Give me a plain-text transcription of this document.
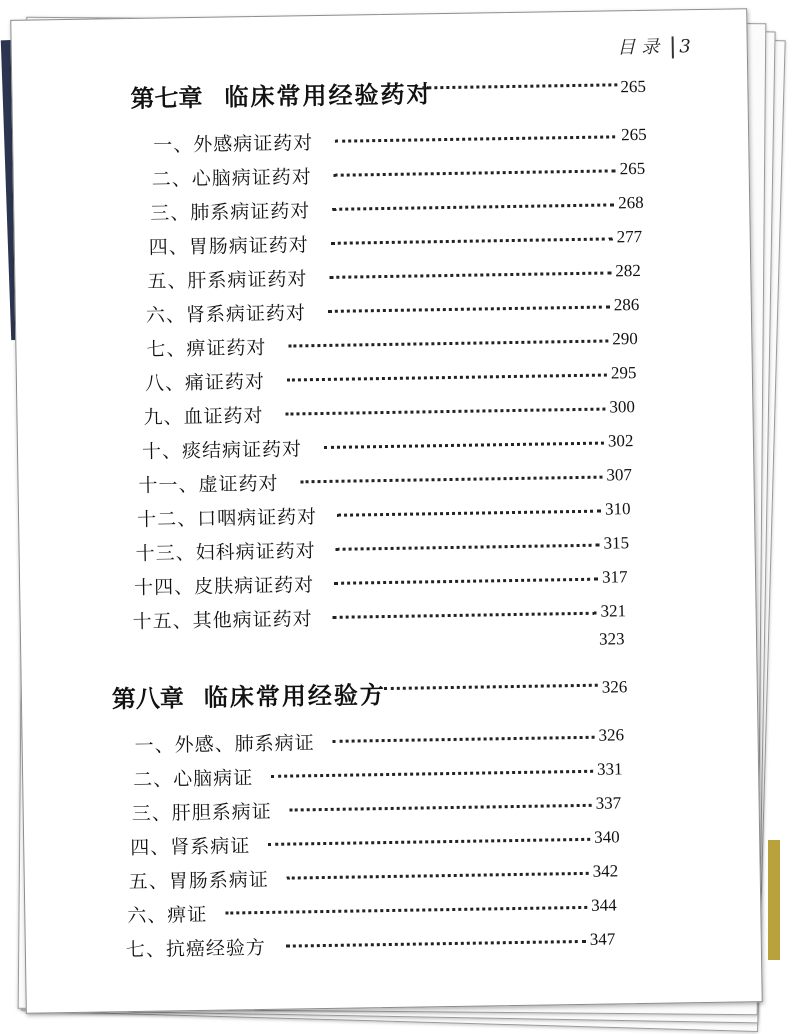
目录 3
第七章 临床常用经验药对	265
一、外感病证药对	265
二、心脑病证药对	265
三、肺系病证药对	268
四、胃肠病证药对	277
五、肝系病证药对	282
六、肾系病证药对	286
七、痹证药对	290
八、痛证药对	295
九、血证药对	300
十、痰结病证药对	302
十一、虚证药对	307
十二、口咽病证药对	310
十三、妇科病证药对	315
十四、皮肤病证药对	317
十五、其他病证药对	321
323
第八章 临床常用经验方	326
一、外感、肺系病证	326
二、心脑病证	331
三、肝胆系病证	337
四、肾系病证	340
五、胃肠系病证	342
六、痹证	344
七、抗癌经验方	347
